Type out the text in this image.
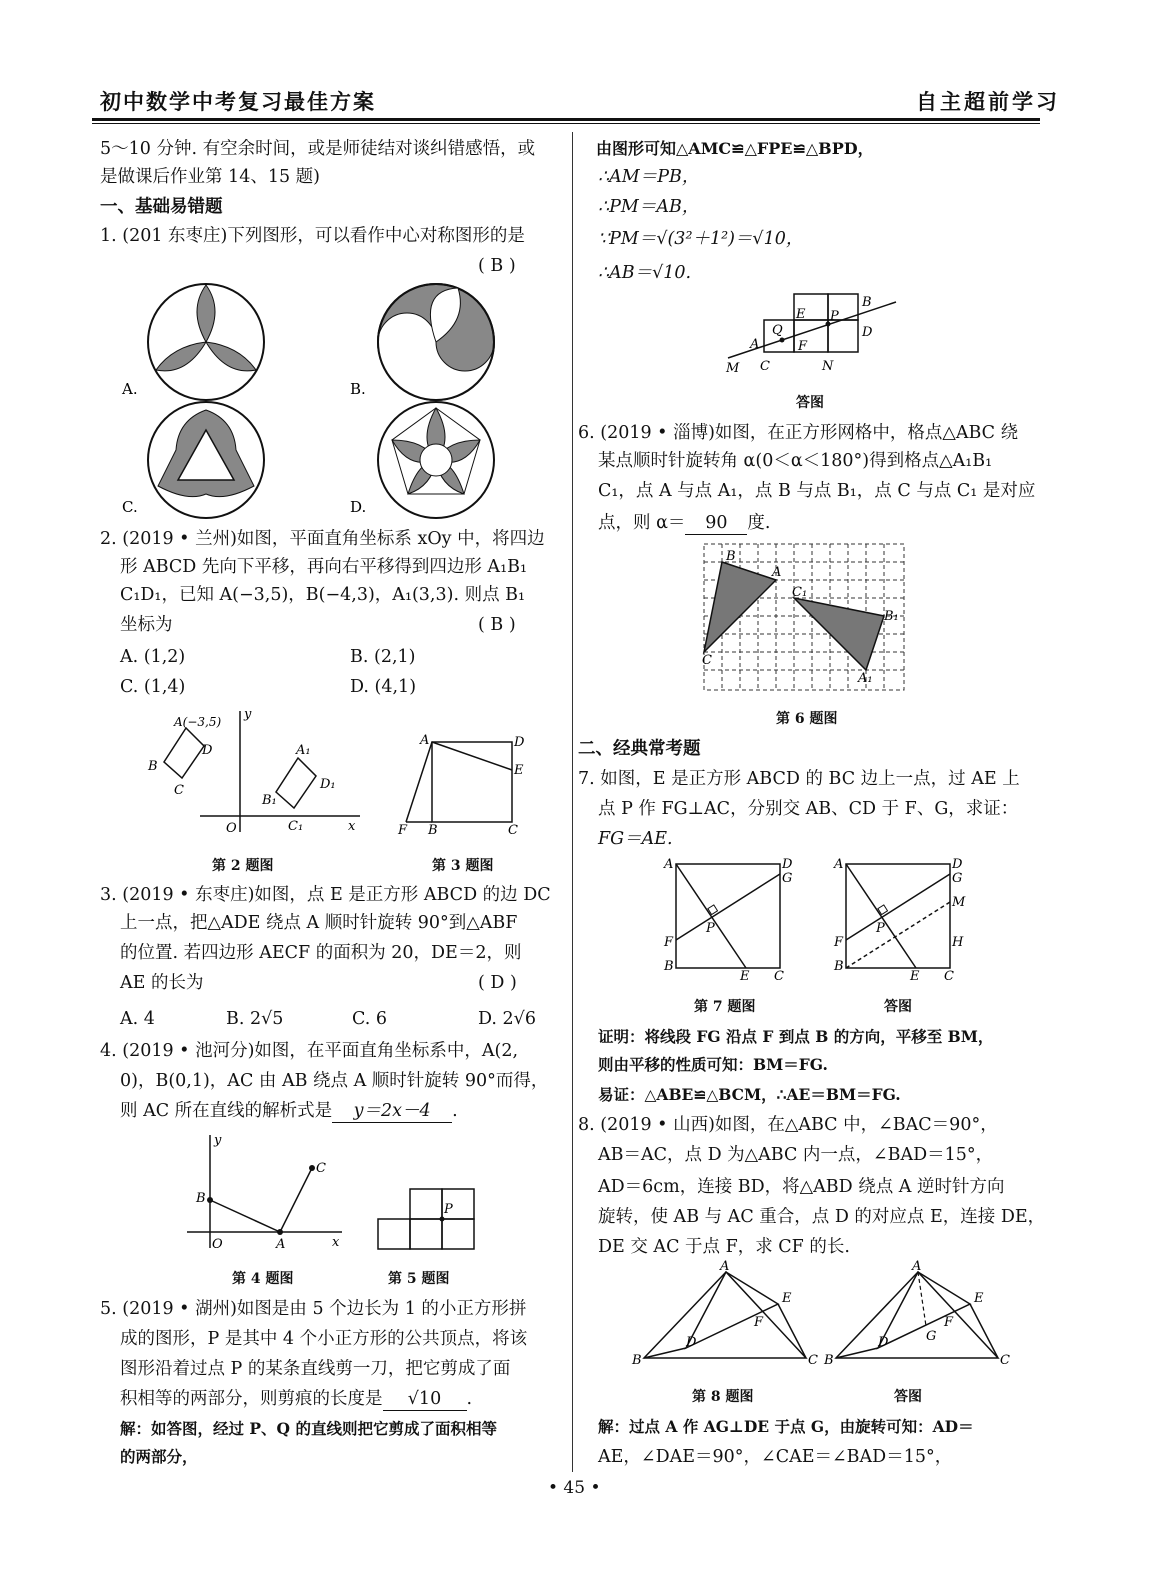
初中数学中考复习最佳方案	自主超前学习
5～10 分钟. 有空余时间，或是师徒结对谈纠错感悟，或
是做课后作业第 14、15 题)
一、基础易错题
1. (201 东枣庄)下列图形，可以看作中心对称图形的是
( B )
A.	B.
C.	D.
2. (2019 • 兰州)如图，平面直角坐标系 xOy 中，将四边
形 ABCD 先向下平移，再向右平移得到四边形 A₁B₁
C₁D₁，已知 A(−3,5)，B(−4,3)，A₁(3,3). 则点 B₁
坐标为	( B )
A. (1,2)	B. (2,1)
C. (1,4)	D. (4,1)
A(−3,5)
B
C
D	A₁
B₁
C₁
D₁
O	x
y
A	D
E
F B	C
第 2 题图	第 3 题图
3. (2019 • 东枣庄)如图，点 E 是正方形 ABCD 的边 DC
上一点，把△ADE 绕点 A 顺时针旋转 90°到△ABF
的位置. 若四边形 AECF 的面积为 20，DE＝2，则
AE 的长为	( D )
A. 4	B. 2√5	C. 6	D. 2√6
4. (2019 • 池河分)如图，在平面直角坐标系中，A(2,
0)，B(0,1)，AC 由 AB 绕点 A 顺时针旋转 90°而得，
则 AC 所在直线的解析式是 y＝2x－4 .
B
C
O	A	x
y
P
第 4 题图	第 5 题图
5. (2019 • 湖州)如图是由 5 个边长为 1 的小正方形拼
成的图形，P 是其中 4 个小正方形的公共顶点，将该
图形沿着过点 P 的某条直线剪一刀，把它剪成了面
积相等的两部分，则剪痕的长度是 √10 .
解：如答图，经过 P、Q 的直线则把它剪成了面积相等
的两部分，
由图形可知△AMC≌△FPE≌△BPD，
∴AM＝PB，
∴PM＝AB，
∵PM＝√(3²＋1²)＝√10，
∴AB＝√10.
A
D
B
E
F
P
Q
M C	N
答图
6. (2019 • 淄博)如图，在正方形网格中，格点△ABC 绕
某点顺时针旋转角 α(0＜α＜180°)得到格点△A₁B₁
C₁，点 A 与点 A₁，点 B 与点 B₁，点 C 与点 C₁ 是对应
点，则 α＝ 90 度.
B
A
C
C₁
B₁
A₁
第 6 题图
二、经典常考题
7. 如图，E 是正方形 ABCD 的 BC 边上一点，过 AE 上
点 P 作 FG⊥AC，分别交 AB、CD 于 F、G，求证：
FG＝AE.
A	D
G
F
B
E C
P
A	D
G
M
H
F
B
E C
P
第 7 题图	答图
证明：将线段 FG 沿点 F 到点 B 的方向，平移至 BM，
则由平移的性质可知：BM＝FG.
易证：△ABE≌△BCM，∴AE＝BM＝FG.
8. (2019 • 山西)如图，在△ABC 中，∠BAC＝90°，
AB＝AC，点 D 为△ABC 内一点，∠BAD＝15°，
AD＝6cm，连接 BD，将△ABD 绕点 A 逆时针方向
旋转，使 AB 与 AC 重合，点 D 的对应点 E，连接 DE，
DE 交 AC 于点 F，求 CF 的长.
A
B	C
D
E
F
A
B	C
D
E
F
G
第 8 题图	答图
解：过点 A 作 AG⊥DE 于点 G，由旋转可知：AD＝
AE，∠DAE＝90°，∠CAE＝∠BAD＝15°，
• 45 •
